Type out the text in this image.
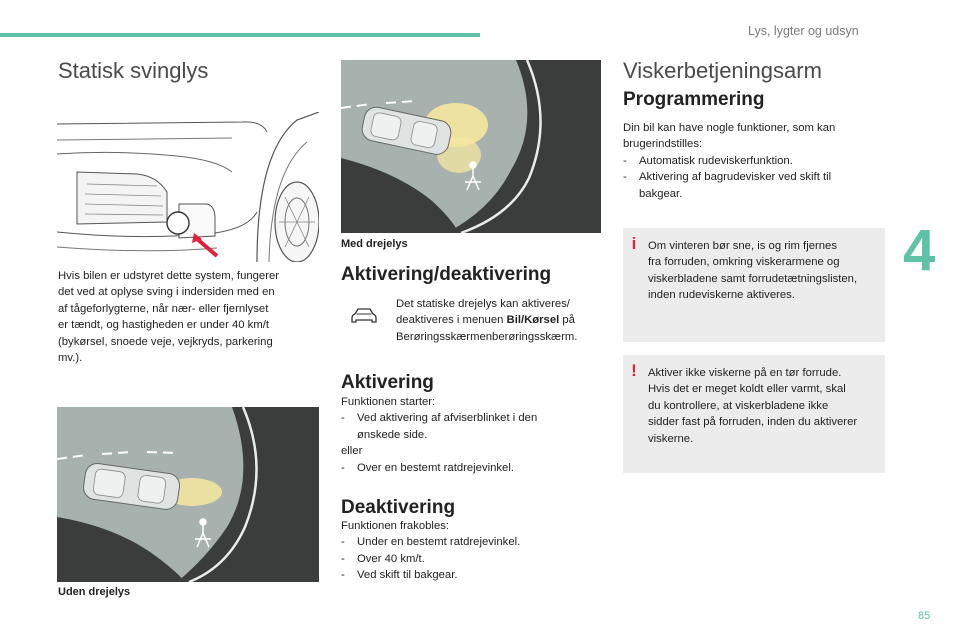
Lys, lygter og udsyn
4
85
Statisk svinglys
Hvis bilen er udstyret dette system, fungerer
det ved at oplyse sving i indersiden med en
af tågeforlygterne, når nær- eller fjernlyset
er tændt, og hastigheden er under 40 km/t
(bykørsel, snoede veje, vejkryds, parkering
mv.).
Uden drejelys
Med drejelys
Aktivering/deaktivering
Det statiske drejelys kan aktiveres/
deaktiveres i menuen Bil/Kørsel på
Berøringsskærmenberøringsskærm.
Aktivering
Funktionen starter:
-	Ved aktivering af afviserblinket i den
ønskede side.
eller
-	Over en bestemt ratdrejevinkel.
Deaktivering
Funktionen frakobles:
-	Under en bestemt ratdrejevinkel.
-	Over 40 km/t.
-	Ved skift til bakgear.
Viskerbetjeningsarm
Programmering
Din bil kan have nogle funktioner, som kan
brugerindstilles:
-	Automatisk rudeviskerfunktion.
-	Aktivering af bagrudevisker ved skift til
bakgear.
i	Om vinteren bør sne, is og rim fjernes
fra forruden, omkring viskerarmene og
viskerbladene samt forrudetætningslisten,
inden rudeviskerne aktiveres.
! Aktiver ikke viskerne på en tør forrude.
Hvis det er meget koldt eller varmt, skal
du kontrollere, at viskerbladene ikke
sidder fast på forruden, inden du aktiverer
viskerne.
